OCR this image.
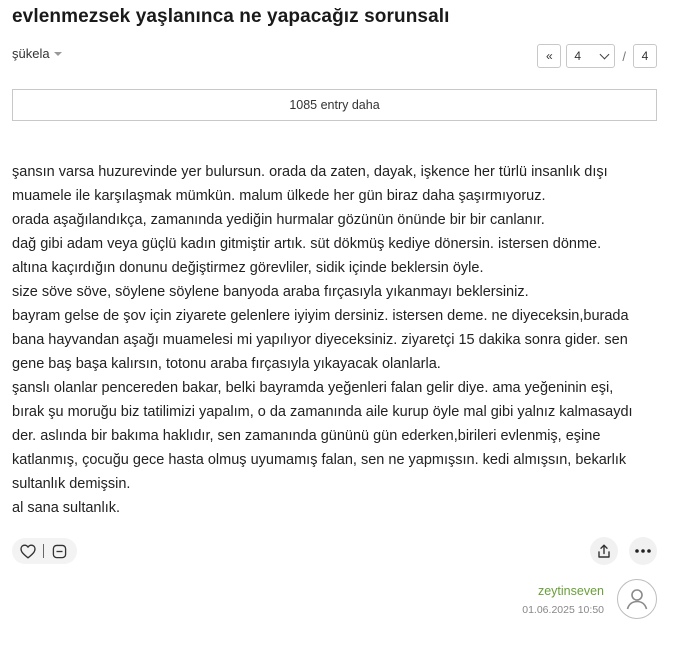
evlenmezsek yaşlanınca ne yapacağız sorunsalı
şükela	«	4	/	4
1085 entry daha

şansın varsa huzurevinde yer bulursun. orada da zaten, dayak, işkence her türlü insanlık dışı

muamele ile karşılaşmak mümkün. malum ülkede her gün biraz daha şaşırmıyoruz.

orada aşağılandıkça, zamanında yediğin hurmalar gözünün önünde bir bir canlanır.

dağ gibi adam veya güçlü kadın gitmiştir artık. süt dökmüş kediye dönersin. istersen dönme.

altına kaçırdığın donunu değiştirmez görevliler, sidik içinde beklersin öyle.

size söve söve, söylene söylene banyoda araba fırçasıyla yıkanmayı beklersiniz.

bayram gelse de şov için ziyarete gelenlere iyiyim dersiniz. istersen deme. ne diyeceksin,burada

bana hayvandan aşağı muamelesi mi yapılıyor diyeceksiniz. ziyaretçi 15 dakika sonra gider. sen

gene baş başa kalırsın, totonu araba fırçasıyla yıkayacak olanlarla.

şanslı olanlar pencereden bakar, belki bayramda yeğenleri falan gelir diye. ama yeğeninin eşi,

bırak şu moruğu biz tatilimizi yapalım, o da zamanında aile kurup öyle mal gibi yalnız kalmasaydı

der. aslında bir bakıma haklıdır, sen zamanında gününü gün ederken,birileri evlenmiş, eşine

katlanmış, çocuğu gece hasta olmuş uyumamış falan, sen ne yapmışsın. kedi almışsın, bekarlık

sultanlık demişsin.

al sana sultanlık.

zeytinseven
01.06.2025 10:50
